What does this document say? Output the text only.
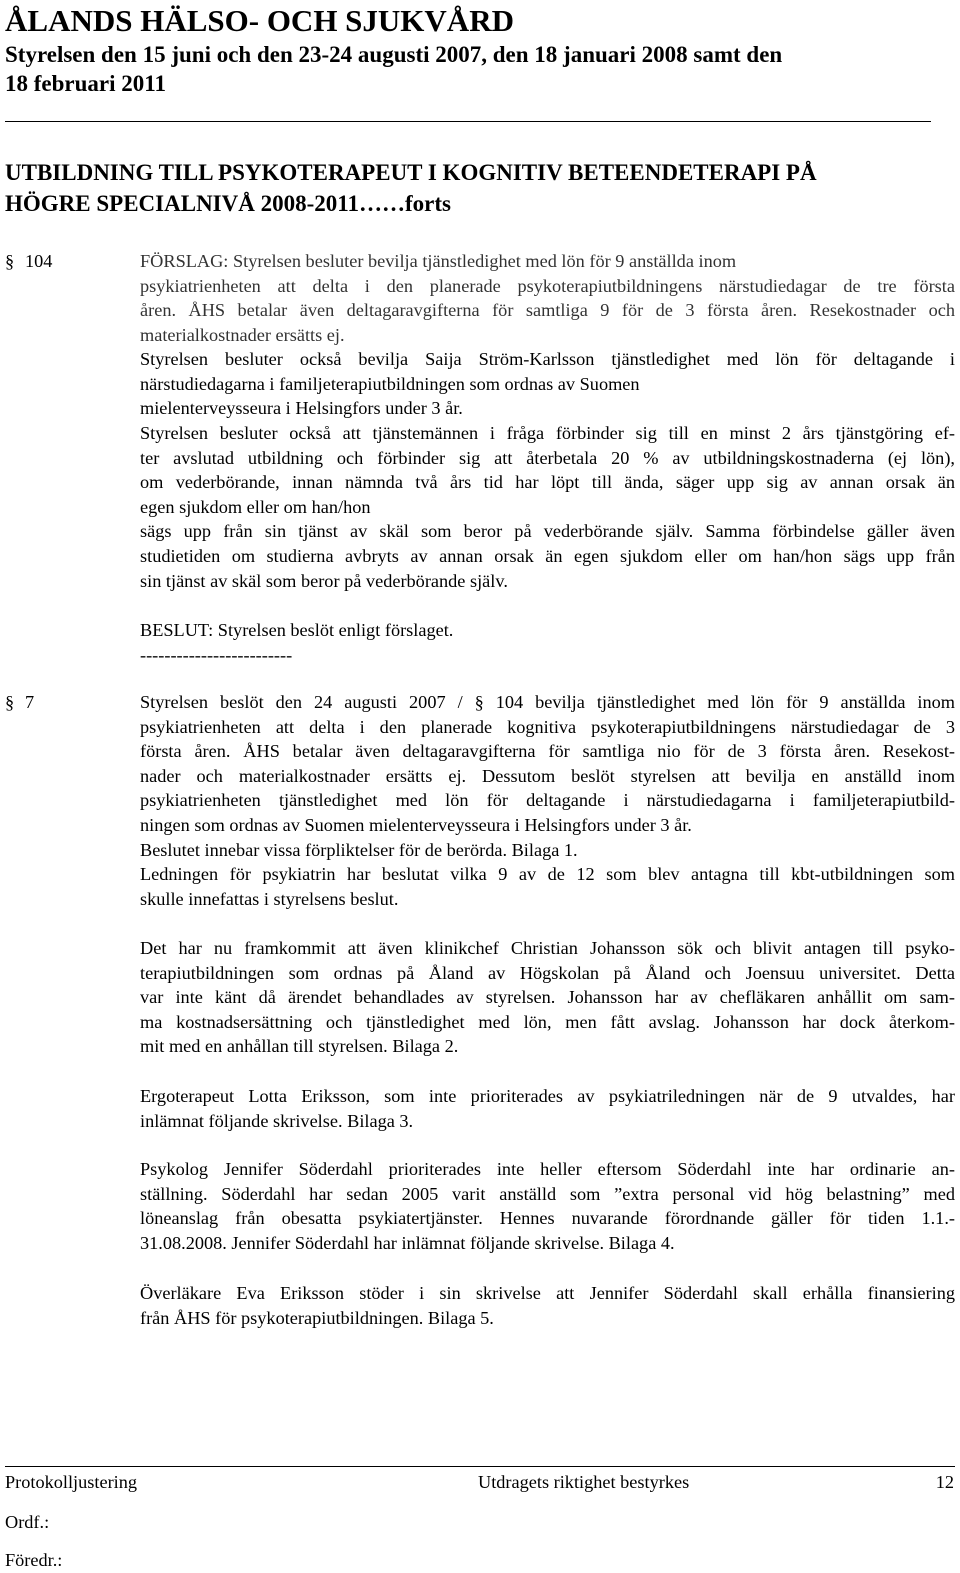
ÅLANDS HÄLSO- OCH SJUKVÅRD
Styrelsen den 15 juni och den 23-24 augusti 2007, den 18 januari 2008 samt den
18 februari 2011
UTBILDNING TILL PSYKOTERAPEUT I KOGNITIV BETEENDETERAPI PÅ
HÖGRE SPECIALNIVÅ 2008-2011……forts
§ 104	FÖRSLAG: Styrelsen besluter bevilja tjänstledighet med lön för 9 anställda inom
psykiatrienheten att delta i den planerade psykoterapiutbildningens närstudiedagar de tre första
åren. ÅHS betalar även deltagaravgifterna för samtliga 9 för de 3 första åren. Resekostnader och
materialkostnader ersätts ej.
Styrelsen besluter också bevilja Saija Ström-Karlsson tjänstledighet med lön för deltagande i
närstudiedagarna i familjeterapiutbildningen som ordnas av Suomen
mielenterveysseura i Helsingfors under 3 år.
Styrelsen besluter också att tjänstemännen i fråga förbinder sig till en minst 2 års tjänstgöring ef-
ter avslutad utbildning och förbinder sig att återbetala 20 % av utbildningskostnaderna (ej lön),
om vederbörande, innan nämnda två års tid har löpt till ända, säger upp sig av annan orsak än
egen sjukdom eller om han/hon
sägs upp från sin tjänst av skäl som beror på vederbörande själv. Samma förbindelse gäller även
studietiden om studierna avbryts av annan orsak än egen sjukdom eller om han/hon sägs upp från
sin tjänst av skäl som beror på vederbörande själv.
BESLUT: Styrelsen beslöt enligt förslaget.
-------------------------
§ 7	Styrelsen beslöt den 24 augusti 2007 / § 104 bevilja tjänstledighet med lön för 9 anställda inom
psykiatrienheten att delta i den planerade kognitiva psykoterapiutbildningens närstudiedagar de 3
första åren. ÅHS betalar även deltagaravgifterna för samtliga nio för de 3 första åren. Resekost-
nader och materialkostnader ersätts ej. Dessutom beslöt styrelsen att bevilja en anställd inom
psykiatrienheten tjänstledighet med lön för deltagande i närstudiedagarna i familjeterapiutbild-
ningen som ordnas av Suomen mielenterveysseura i Helsingfors under 3 år.
Beslutet innebar vissa förpliktelser för de berörda. Bilaga 1.
Ledningen för psykiatrin har beslutat vilka 9 av de 12 som blev antagna till kbt-utbildningen som
skulle innefattas i styrelsens beslut.
Det har nu framkommit att även klinikchef Christian Johansson sök och blivit antagen till psyko-
terapiutbildningen som ordnas på Åland av Högskolan på Åland och Joensuu universitet. Detta
var inte känt då ärendet behandlades av styrelsen. Johansson har av chefläkaren anhållit om sam-
ma kostnadsersättning och tjänstledighet med lön, men fått avslag. Johansson har dock återkom-
mit med en anhållan till styrelsen. Bilaga 2.
Ergoterapeut Lotta Eriksson, som inte prioriterades av psykiatriledningen när de 9 utvaldes, har
inlämnat följande skrivelse. Bilaga 3.
Psykolog Jennifer Söderdahl prioriterades inte heller eftersom Söderdahl inte har ordinarie an-
ställning. Söderdahl har sedan 2005 varit anställd som ”extra personal vid hög belastning” med
löneanslag från obesatta psykiatertjänster. Hennes nuvarande förordnande gäller för tiden 1.1.-
31.08.2008. Jennifer Söderdahl har inlämnat följande skrivelse. Bilaga 4.
Överläkare Eva Eriksson stöder i sin skrivelse att Jennifer Söderdahl skall erhålla finansiering
från ÅHS för psykoterapiutbildningen. Bilaga 5.
Protokolljustering	Utdragets riktighet bestyrkes	12
Ordf.:
Föredr.:
